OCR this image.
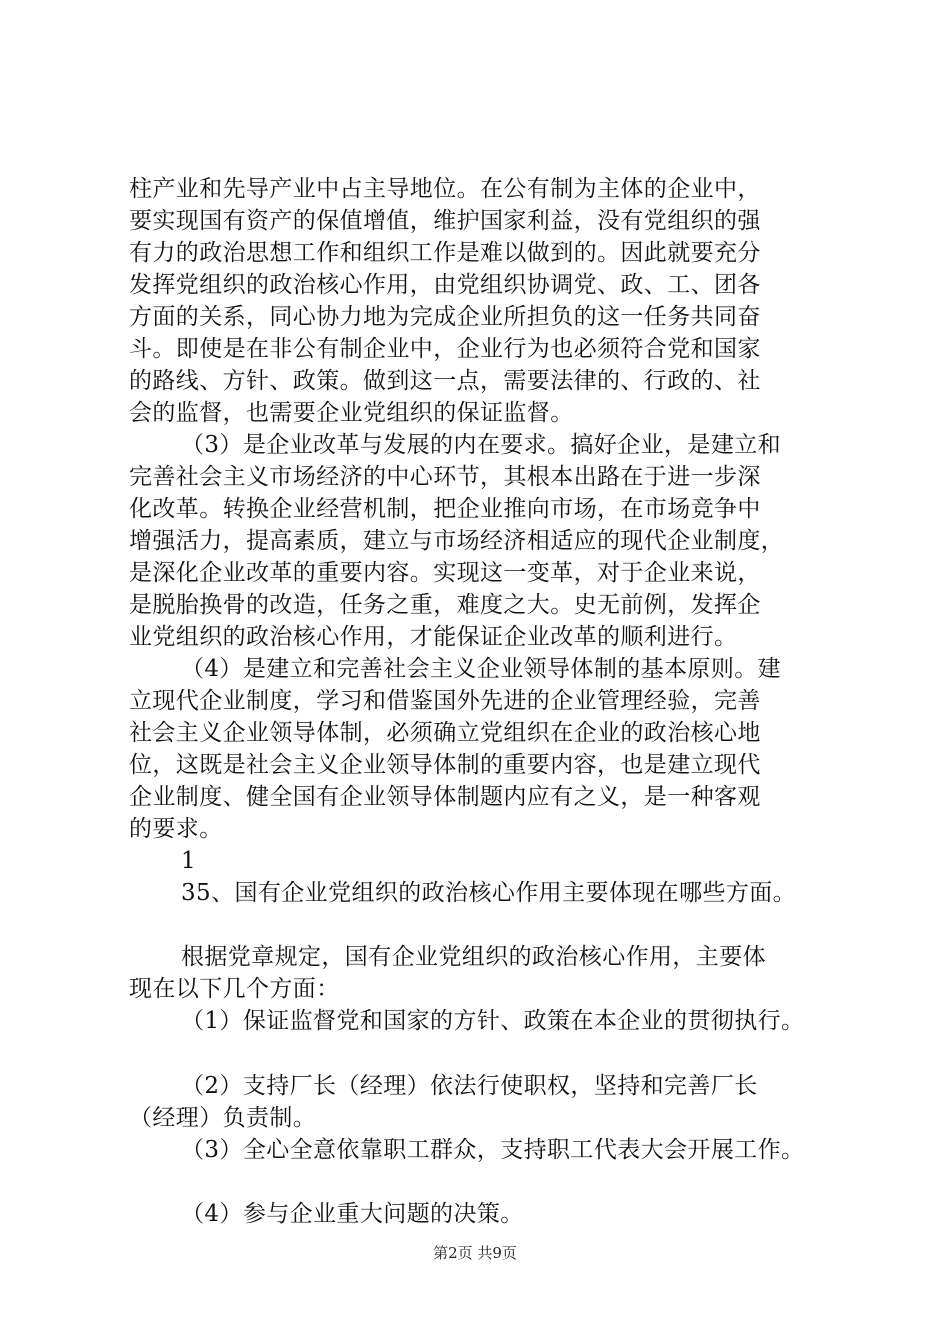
柱产业和先导产业中占主导地位。在公有制为主体的企业中，
要实现国有资产的保值增值，维护国家利益，没有党组织的强
有力的政治思想工作和组织工作是难以做到的。因此就要充分
发挥党组织的政治核心作用，由党组织协调党、政、工、团各
方面的关系，同心协力地为完成企业所担负的这一任务共同奋
斗。即使是在非公有制企业中，企业行为也必须符合党和国家
的路线、方针、政策。做到这一点，需要法律的、行政的、社
会的监督，也需要企业党组织的保证监督。
（3）是企业改革与发展的内在要求。搞好企业，是建立和
完善社会主义市场经济的中心环节，其根本出路在于进一步深
化改革。转换企业经营机制，把企业推向市场，在市场竞争中
增强活力，提高素质，建立与市场经济相适应的现代企业制度，
是深化企业改革的重要内容。实现这一变革，对于企业来说，
是脱胎换骨的改造，任务之重，难度之大。史无前例，发挥企
业党组织的政治核心作用，才能保证企业改革的顺利进行。
（4）是建立和完善社会主义企业领导体制的基本原则。建
立现代企业制度，学习和借鉴国外先进的企业管理经验，完善
社会主义企业领导体制，必须确立党组织在企业的政治核心地
位，这既是社会主义企业领导体制的重要内容，也是建立现代
企业制度、健全国有企业领导体制题内应有之义，是一种客观
的要求。
1
35、国有企业党组织的政治核心作用主要体现在哪些方面。
根据党章规定，国有企业党组织的政治核心作用，主要体
现在以下几个方面：
（1）保证监督党和国家的方针、政策在本企业的贯彻执行。
（2）支持厂长（经理）依法行使职权，坚持和完善厂长
（经理）负责制。
（3）全心全意依靠职工群众，支持职工代表大会开展工作。
（4）参与企业重大问题的决策。
第2页 共9页
